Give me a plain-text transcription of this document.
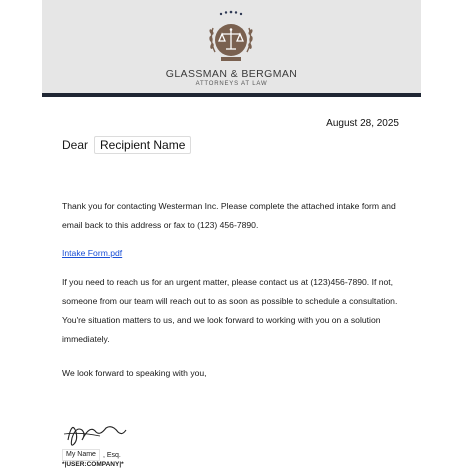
GLASSMAN & BERGMAN
ATTORNEYS AT LAW
August 28, 2025
Dear	Recipient Name
Thank you for contacting Westerman Inc. Please complete the attached intake form and email back to this address or fax to (123) 456-7890.
Intake Form.pdf
If you need to reach us for an urgent matter, please contact us at (123)456-7890. If not, someone from our team will reach out to as soon as possible to schedule a consultation. You're situation matters to us, and we look forward to working with you on a solution immediately.
We look forward to speaking with you,
My Name	, Esq.
*|USER:COMPANY|*
